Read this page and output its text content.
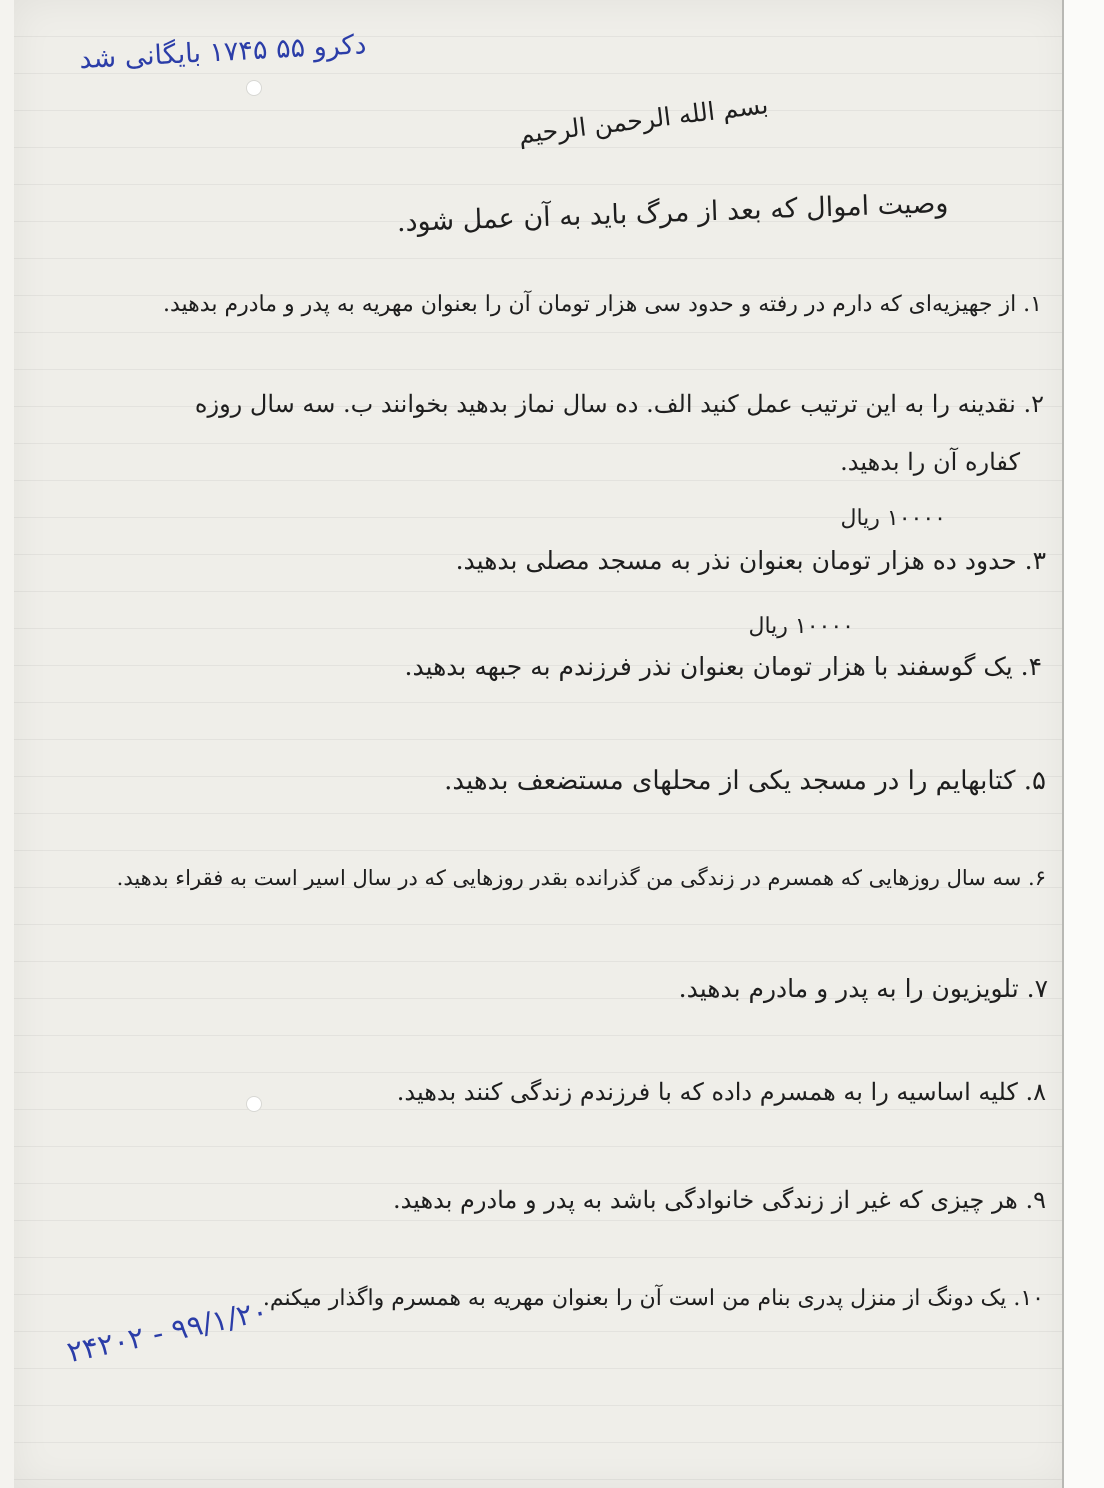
دکرو ۵۵ ۱۷۴۵ بایگانی شد
بسم الله الرحمن الرحیم
وصیت اموال که بعد از مرگ باید به آن عمل شود.
۱. از جهیزیه‌ای که دارم در رفته و حدود سی هزار تومان آن را بعنوان مهریه به پدر و مادرم بدهید.
۲. نقدینه را به این ترتیب عمل کنید الف. ده سال نماز بدهید بخوانند ب. سه سال روزه
کفاره آن را بدهید.
۱۰۰۰۰ ریال
۳. حدود ده هزار تومان بعنوان نذر به مسجد مصلی بدهید.
۱۰۰۰۰ ریال
۴. یک گوسفند با هزار تومان بعنوان نذر فرزندم به جبهه بدهید.
۵. کتابهایم را در مسجد یکی از محلهای مستضعف بدهید.
۶. سه سال روزهایی که همسرم در زندگی من گذرانده بقدر روزهایی که در سال اسیر است به فقراء بدهید.
۷. تلویزیون را به پدر و مادرم بدهید.
۸. کلیه اساسیه را به همسرم داده که با فرزندم زندگی کنند بدهید.
۹. هر چیزی که غیر از زندگی خانوادگی باشد به پدر و مادرم بدهید.
۱۰. یک دونگ از منزل پدری بنام من است آن را بعنوان مهریه به همسرم واگذار میکنم.
۲۴۲۰۲ - ۹۹/۱/۲۰
